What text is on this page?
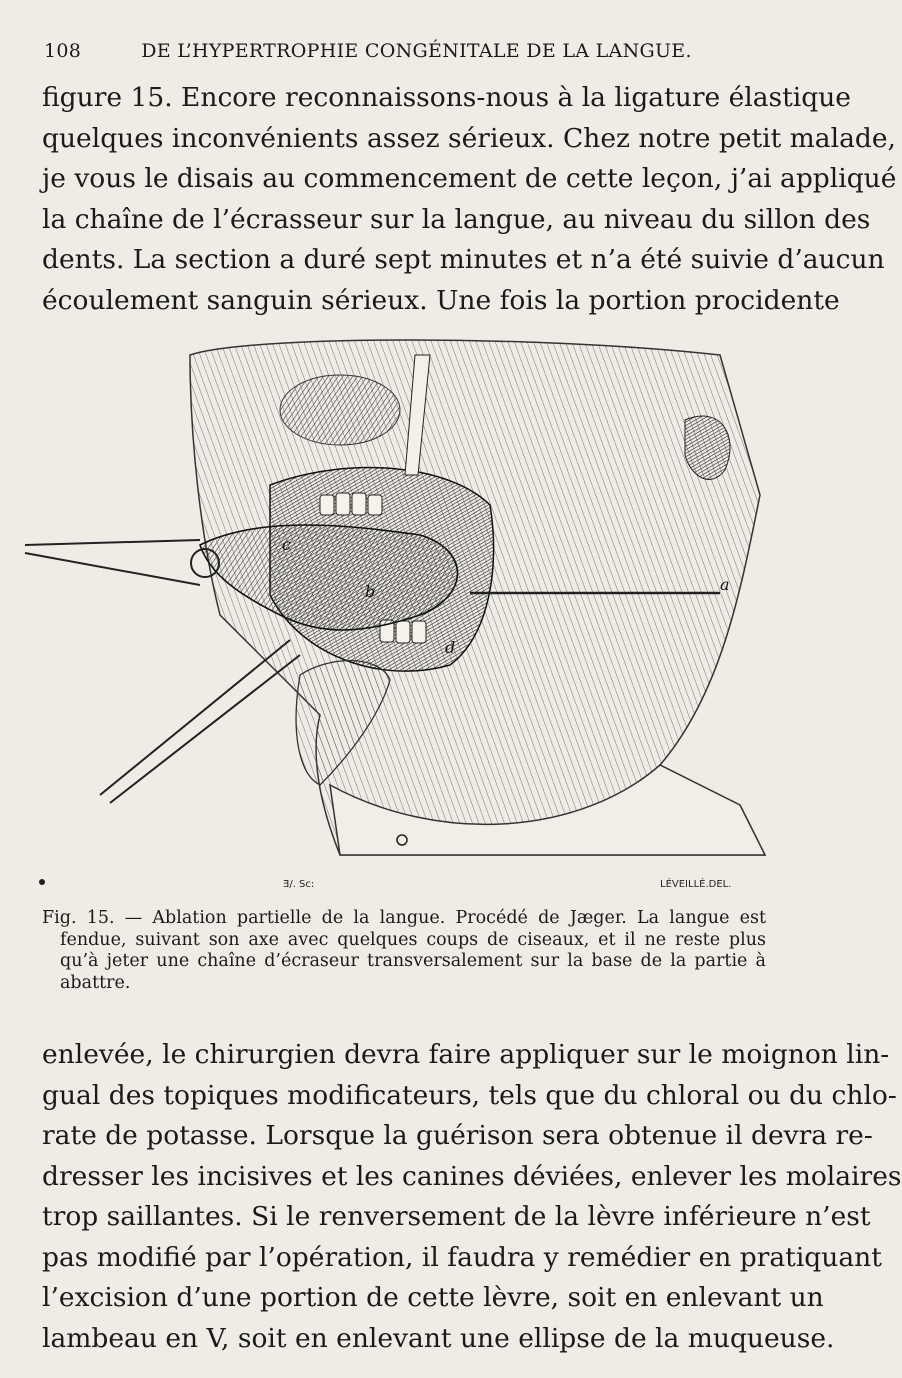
108	DE L’HYPERTROPHIE CONGÉNITALE DE LA LANGUE.
figure 15. Encore reconnaissons-nous à la ligature élastique
quelques inconvénients assez sérieux. Chez notre petit malade,
je vous le disais au commencement de cette leçon, j’ai appliqué
la chaîne de l’écrasseur sur la langue, au niveau du sillon des
dents. La section a duré sept minutes et n’a été suivie d’aucun
écoulement sanguin sérieux. Une fois la portion procidente
a
b
c
d
Ǝ/. Sc:	LÉVEILLÉ.DEL.
Fig. 15. — Ablation partielle de la langue. Procédé de Jæger. La langue est
fendue, suivant son axe avec quelques coups de ciseaux, et il ne reste plus
qu’à jeter une chaîne d’écraseur transversalement sur la base de la partie à
abattre.
enlevée, le chirurgien devra faire appliquer sur le moignon lin-
gual des topiques modificateurs, tels que du chloral ou du chlo-
rate de potasse. Lorsque la guérison sera obtenue il devra re-
dresser les incisives et les canines déviées, enlever les molaires
trop saillantes. Si le renversement de la lèvre inférieure n’est
pas modifié par l’opération, il faudra y remédier en pratiquant
l’excision d’une portion de cette lèvre, soit en enlevant un
lambeau en V, soit en enlevant une ellipse de la muqueuse.
